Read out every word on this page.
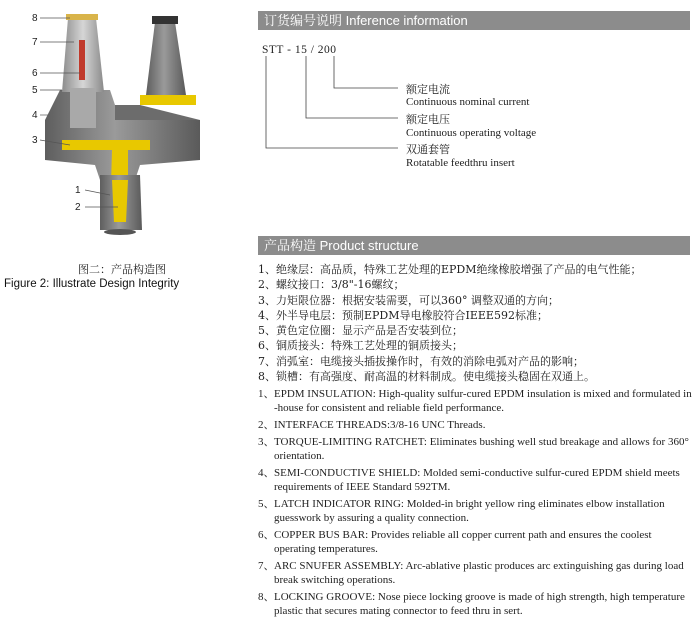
8
7
6
5
4
3
1
2
图二：产品构造图
Figure 2: Illustrate Design Integrity
订货编号说明 Inference information
STT - 15 / 200
额定电流
Continuous nominal current
额定电压
Continuous operating voltage
双通套管
Rotatable feedthru insert
产品构造 Product structure
1、绝缘层：高品质，特殊工艺处理的EPDM绝缘橡胶增强了产品的电气性能；
2、螺纹接口：3/8"-16螺纹；
3、力矩限位器：根据安装需要，可以360° 调整双通的方向；
4、外半导电层：预制EPDM导电橡胶符合IEEE592标准；
5、黄色定位圈：显示产品是否安装到位；
6、铜质接头：特殊工艺处理的铜质接头；
7、消弧室：电缆接头插拔操作时，有效的消除电弧对产品的影响；
8、锁槽：有高强度、耐高温的材料制成。使电缆接头稳固在双通上。
1、 EPDM INSULATION: High-quality sulfur-cured EPDM insulation is mixed and formulated in -house for consistent and reliable field performance.
2、 INTERFACE THREADS:3/8-16 UNC Threads.
3、 TORQUE-LIMITING RATCHET: Eliminates bushing well stud breakage and allows for 360° orientation.
4、 SEMI-CONDUCTIVE SHIELD: Molded semi-conductive sulfur-cured EPDM shield meets requirements of IEEE Standard 592TM.
5、 LATCH INDICATOR RING: Molded-in bright yellow ring eliminates elbow installation guesswork by assuring a quality connection.
6、 COPPER BUS BAR: Provides reliable all copper current path and ensures the coolest operating temperatures.
7、 ARC SNUFER ASSEMBLY: Arc-ablative plastic produces arc extinguishing gas during load break switching operations.
8、 LOCKING GROOVE: Nose piece locking groove is made of high strength, high temperature plastic that secures mating connector to feed thru in sert.
